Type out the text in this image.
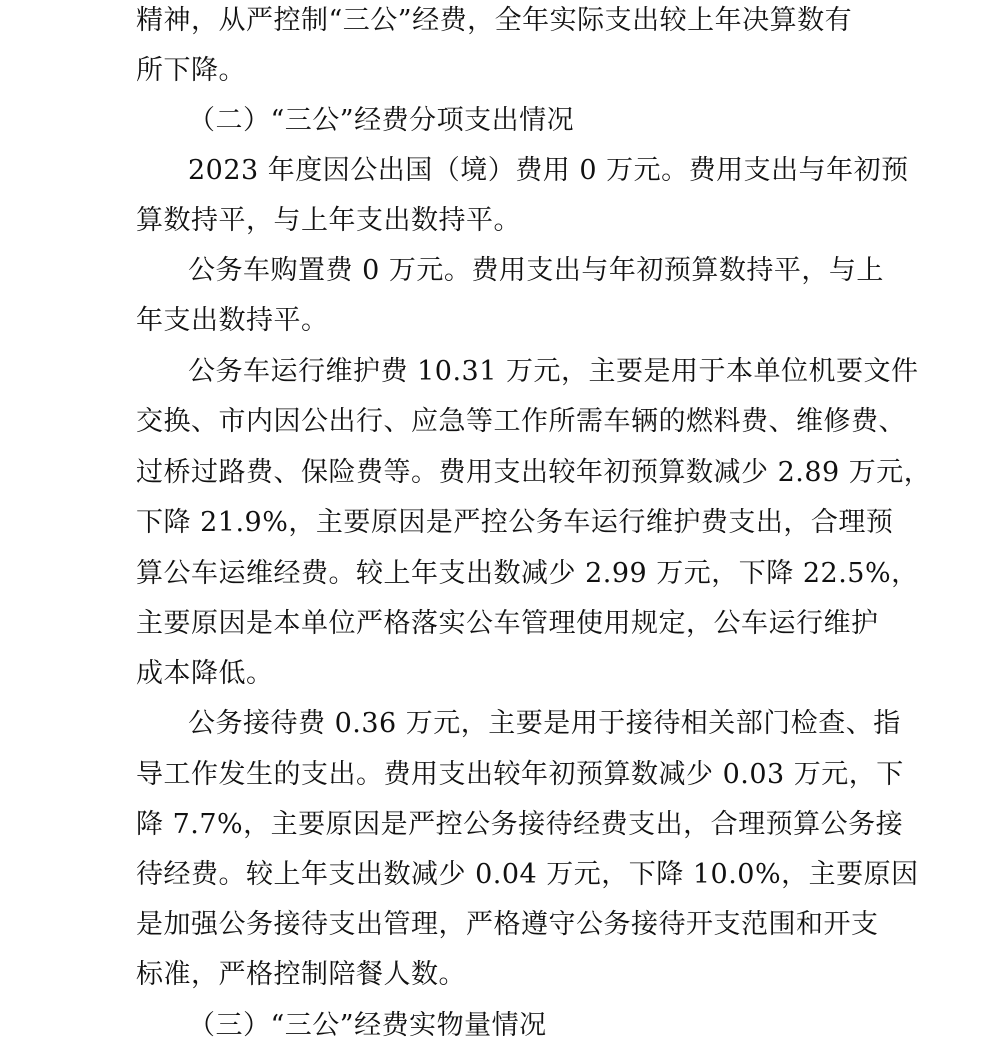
精神，从严控制“三公”经费，全年实际支出较上年决算数有
所下降。
（二）“三公”经费分项支出情况
2023 年度因公出国（境）费用 0 万元。费用支出与年初预
算数持平，与上年支出数持平。
公务车购置费 0 万元。费用支出与年初预算数持平，与上
年支出数持平。
公务车运行维护费 10.31 万元，主要是用于本单位机要文件
交换、市内因公出行、应急等工作所需车辆的燃料费、维修费、
过桥过路费、保险费等。费用支出较年初预算数减少 2.89 万元，
下降 21.9%，主要原因是严控公务车运行维护费支出，合理预
算公车运维经费。较上年支出数减少 2.99 万元，下降 22.5%，
主要原因是本单位严格落实公车管理使用规定，公车运行维护
成本降低。
公务接待费 0.36 万元，主要是用于接待相关部门检查、指
导工作发生的支出。费用支出较年初预算数减少 0.03 万元，下
降 7.7%，主要原因是严控公务接待经费支出，合理预算公务接
待经费。较上年支出数减少 0.04 万元，下降 10.0%，主要原因
是加强公务接待支出管理，严格遵守公务接待开支范围和开支
标准，严格控制陪餐人数。
（三）“三公”经费实物量情况
